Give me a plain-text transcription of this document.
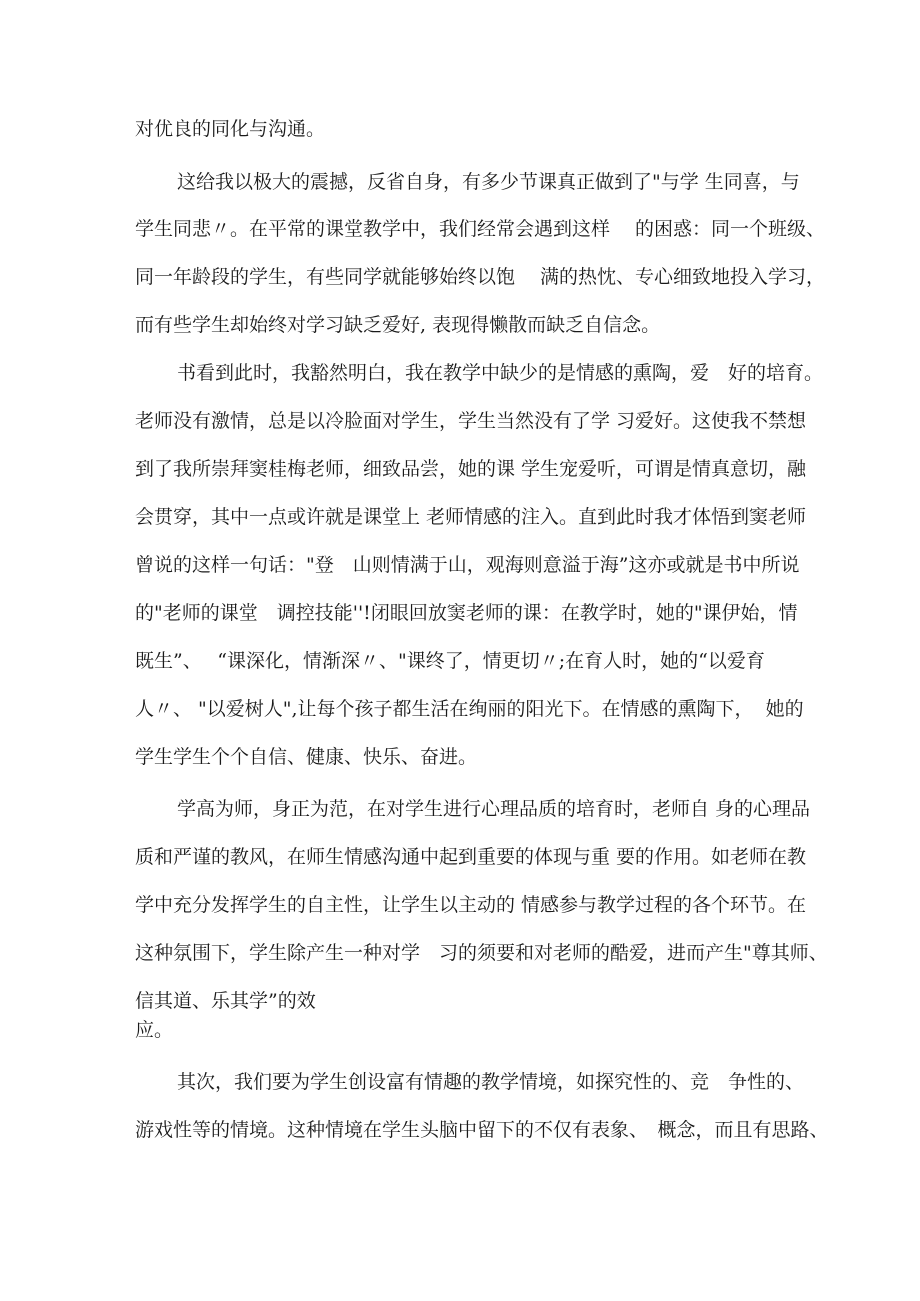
对优良的同化与沟通。
这给我以极大的震撼，反省自身，有多少节课真正做到了"与学 生同喜，与
学生同悲〃。在平常的课堂教学中，我们经常会遇到这样　 的困惑：同一个班级、
同一年龄段的学生，有些同学就能够始终以饱　 满的热忱、专心细致地投入学习，
而有些学生却始终对学习缺乏爱好, 表现得懒散而缺乏自信念。
书看到此时，我豁然明白，我在教学中缺少的是情感的熏陶，爱　好的培育。
老师没有激情，总是以冷脸面对学生，学生当然没有了学 习爱好。这使我不禁想
到了我所崇拜窦桂梅老师，细致品尝，她的课 学生宠爱听，可谓是情真意切，融
会贯穿，其中一点或许就是课堂上 老师情感的注入。直到此时我才体悟到窦老师
曾说的这样一句话："登　山则情满于山，观海则意溢于海”这亦或就是书中所说
的"老师的课堂　调控技能''!闭眼回放窦老师的课：在教学时，她的"课伊始，情
既生”、　 “课深化，情渐深〃、"课终了，情更切〃;在育人时，她的“以爱育
人〃、 "以爱树人",让每个孩子都生活在绚丽的阳光下。在情感的熏陶下，  她的
学生学生个个自信、健康、快乐、奋进。
学高为师，身正为范，在对学生进行心理品质的培育时，老师自 身的心理品
质和严谨的教风，在师生情感沟通中起到重要的体现与重 要的作用。如老师在教
学中充分发挥学生的自主性，让学生以主动的 情感参与教学过程的各个环节。在
这种氛围下，学生除产生一种对学　习的须要和对老师的酷爱，进而产生"尊其师、
信其道、乐其学”的效
应。
其次，我们要为学生创设富有情趣的教学情境，如探究性的、竞　争性的、
游戏性等的情境。这种情境在学生头脑中留下的不仅有表象、　概念，而且有思路、
